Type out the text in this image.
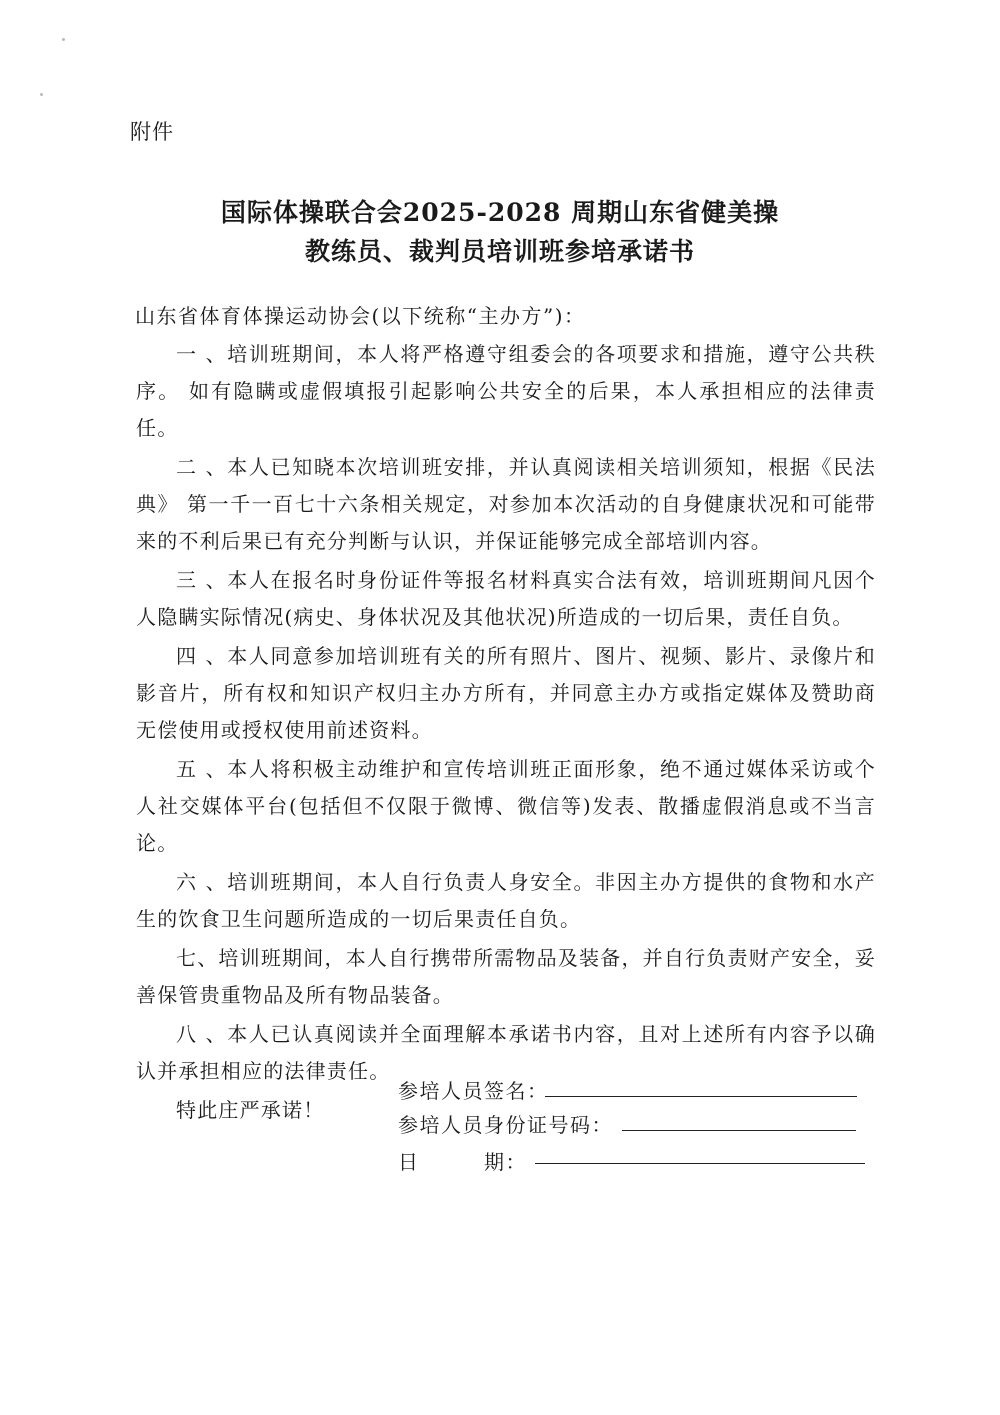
附件
国际体操联合会2025-2028 周期山东省健美操
教练员、裁判员培训班参培承诺书
山东省体育体操运动协会(以下统称“主办方”)：

一 、培训班期间，本人将严格遵守组委会的各项要求和措施，遵守公共秩序。 如有隐瞒或虚假填报引起影响公共安全的后果，本人承担相应的法律责任。

二 、本人已知晓本次培训班安排，并认真阅读相关培训须知，根据《民法典》 第一千一百七十六条相关规定，对参加本次活动的自身健康状况和可能带来的不利后果已有充分判断与认识，并保证能够完成全部培训内容。

三 、本人在报名时身份证件等报名材料真实合法有效，培训班期间凡因个人隐瞒实际情况(病史、身体状况及其他状况)所造成的一切后果，责任自负。

四 、本人同意参加培训班有关的所有照片、图片、视频、影片、录像片和影音片，所有权和知识产权归主办方所有，并同意主办方或指定媒体及赞助商无偿使用或授权使用前述资料。

五 、本人将积极主动维护和宣传培训班正面形象，绝不通过媒体采访或个人社交媒体平台(包括但不仅限于微博、微信等)发表、散播虚假消息或不当言论。

六 、培训班期间，本人自行负责人身安全。非因主办方提供的食物和水产生的饮食卫生问题所造成的一切后果责任自负。

七、培训班期间，本人自行携带所需物品及装备，并自行负责财产安全，妥 善保管贵重物品及所有物品装备。

八 、本人已认真阅读并全面理解本承诺书内容，且对上述所有内容予以确认并承担相应的法律责任。

特此庄严承诺！

参培人员签名：
参培人员身份证号码：
日　　　期：
